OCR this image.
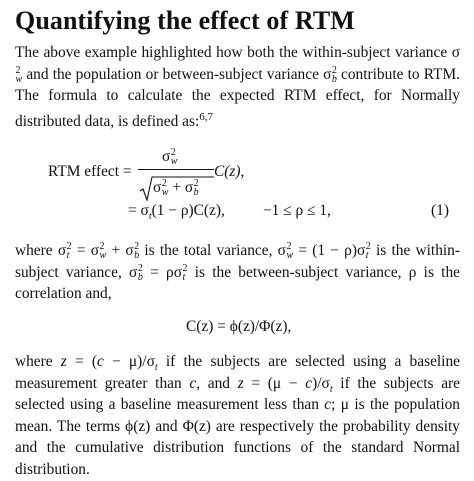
Quantifying the effect of RTM
The above example highlighted how both the within-subject variance σ
2
w and the population or between-subject variance σ 2
b contribute to RTM. The formula to calculate the expected RTM effect, for Normally distributed data, is defined as:$^{6,7}$
RTM effect =
σ 2
w
σ 2
w + σ 2
b
C(z),
= $\sigma_t(1 - \rho)C(z)$, −1 ≤ ρ ≤ 1,	(1)
where σ 2
t = σ 2
w + σ 2
b is the total variance, σ 2
w = (1 − ρ)σ 2
t is the within-subject variance, σ 2
b = ρσ 2
t is the between-subject variance, ρ is the correlation and,
C(z) = ϕ(z)/Φ(z),
where $z = (c - \mu)/\sigma_t$ if the subjects are selected using a baseline measurement greater than c, and $z = (\mu - c)/\sigma_t$ if the subjects are selected using a baseline measurement less than c; μ is the population mean. The terms ϕ(z) and Φ(z) are respectively the probability density and the cumulative distribution functions of the standard Normal distribution.
